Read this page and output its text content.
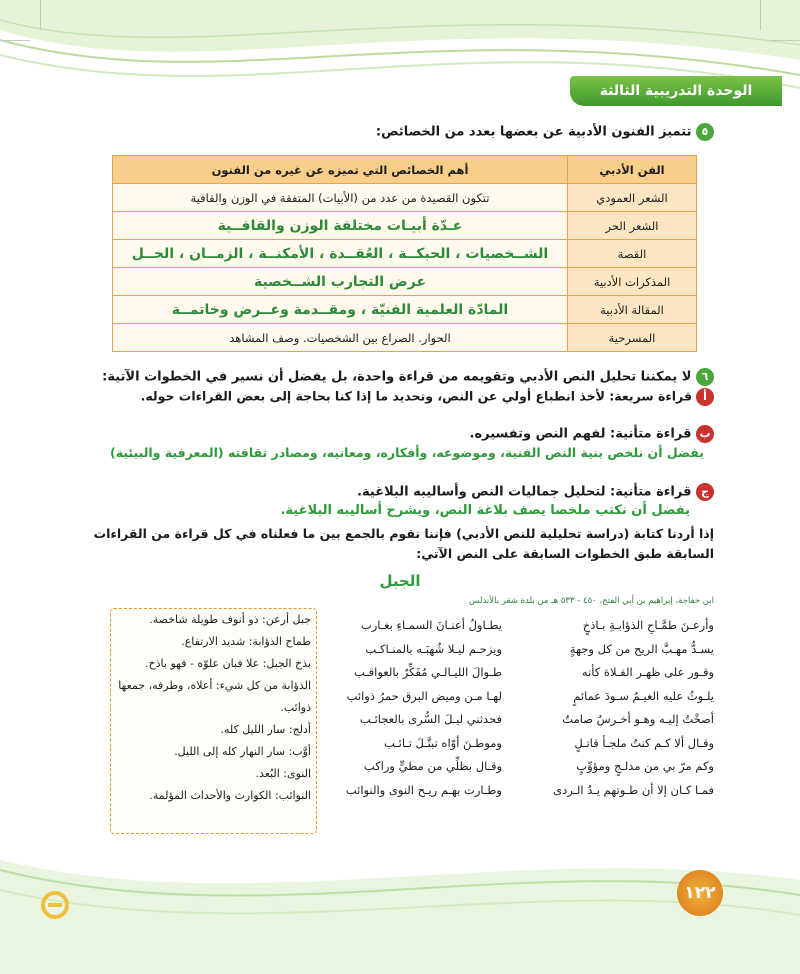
الوحدة التدريبية الثالثة
٥ تتميز الفنون الأدبية عن بعضها بعدد من الخصائص:
الفن الأدبي	أهم الخصائص التي تميزه عن غيره من الفنون
الشعر العمودي	تتكون القصيدة من عدد من (الأبيات) المتفقة في الوزن والقافية
الشعر الحر	عـدّة أبيـات مختلفة الوزن والقافــية
القصة	الشــخصيات ، الحبكــة ، العُقــدة ، الأمكنــة ، الزمــان ، الحــل
المذكرات الأدبية	عرض التجارب الشــخصية
المقالة الأدبية	المادّة العلمية الفنيّة ، ومقــدمة وعــرض وخاتمــة
المسرحية	الحوار. الصراع بين الشخصيات. وصف المشاهد
٦ لا يمكننا تحليل النص الأدبي وتقويمه من قراءة واحدة، بل يفضل أن نسير في الخطوات الآتية:
أ قراءة سريعة: لأخذ انطباع أولي عن النص، وتحديد ما إذا كنا بحاجة إلى بعض القراءات حوله.
ب قراءة متأنية: لفهم النص وتفسيره.
يفضل أن نلخص بنية النص الفنية، وموضوعه، وأفكاره، ومعانيه، ومصادر ثقافته (المعرفية والبيئية)
ج قراءة متأنية: لتحليل جماليات النص وأساليبه البلاغية.
يفضل أن نكتب ملخصا يصف بلاغة النص، ويشرح أساليبه البلاغية.
إذا أردنا كتابة (دراسة تحليلية للنص الأدبي) فإننا نقوم بالجمع بين ما فعلناه في كل قراءة من القراءات
السابقة طبق الخطوات السابقة على النص الآتي:
الجبل
ابن خفاجة، إبراهيم بن أبي الفتح، ٤٥٠ - ٥٣٣ هـ من بلدة شقر بالأندلس
وأرعـنَ طمَّـاحِ الذؤابـةِ بـاذخٍ
يسـدُّ مهـبَّ الريح من كل وجهةٍ
وقـور على ظهـر الفـلاة كأنه
يلـوثُ عليه الغيـمُ سـودَ عمائمٍ
أصخْتُ إليـه وهـو أخـرسُ صامتٌ
وقـال ألا كـم كنتُ ملجـأ قاتـلٍ
وكم مرّ بي من مدلـجٍ ومؤوِّبٍ
فمـا كـان إلا أن طـوتهم يـدُ الـردى
يطـاولُ أعنـانَ السمـاءِ بغـارب
ويزحـم ليـلا شُهبَـه بالمنـاكـب
طـوالَ الليـالـي مُفَكِّرٌ بالعواقـب
لهـا مـن وميض البرق حمرُ ذوائب
فحدثني ليـلَ السُّرى بالعجائـب
وموطـنَ أوّاه تبتَّـلَ تـائـب
وقـال بظلِّي من مطيٍّ وراكب
وطـارت بهـم ريـح النوى والنوائب
جبل أرعن: ذو أنوف طويلة شاخصة.
طماح الذؤابة: شديد الارتفاع.
بذخ الجبل: علا فبان علوّه - فهو باذخ.
الذؤابة من كل شيء: أعلاه، وطرفه، جمعها
ذوائب.
أدلج: سار الليل كله.
أوَّب: سار النهار كله إلى الليل.
النوى: البُعد.
النوائب: الكوارث والأحداث المؤلمة.
١٢٢
